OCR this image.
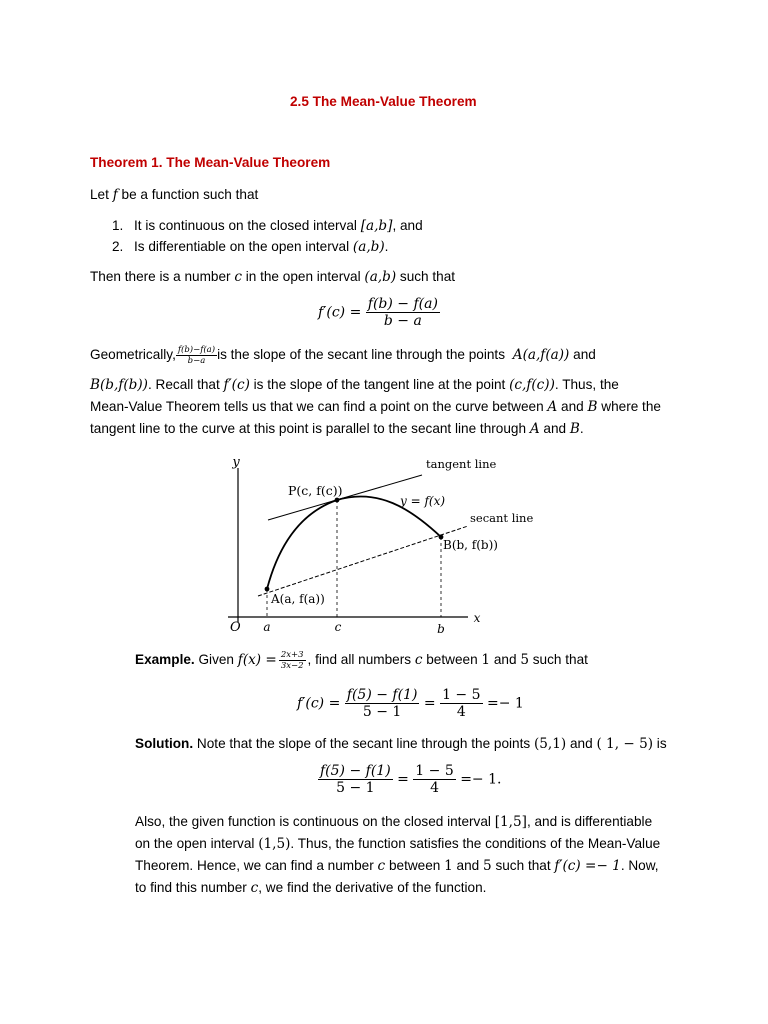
2.5 The Mean-Value Theorem
Theorem 1. The Mean-Value Theorem
Let f be a function such that
1. It is continuous on the closed interval [a,b], and
2. Is differentiable on the open interval (a,b).
Then there is a number c in the open interval (a,b) such that
$f'(c) = \frac{f(b) - f(a)}{b - a}$
Geometrically, $\frac{f(b)-f(a)}{b-a}$ is the slope of the secant line through the points A(a,f(a)) and
B(b,f(b)). Recall that f′(c) is the slope of the tangent line at the point (c,f(c)). Thus, the
Mean-Value Theorem tells us that we can find a point on the curve between A and B where the
tangent line to the curve at this point is parallel to the secant line through A and B.
y
x
O a	c	b
tangent line
secant line
P(c, f(c))
y = f(x)
A(a, f(a))
B(b, f(b))
Example. Given $f(x) = \frac{2x+3}{3x-2}$ , find all numbers c between 1 and 5 such that
$f'(c) = \frac{f(5) - f(1)}{5 - 1} = \frac{1 - 5}{4} =- 1$
Solution. Note that the slope of the secant line through the points (5,1) and ( 1, − 5) is
$\frac{f(5) - f(1)}{5 - 1} = \frac{1 - 5}{4} =- 1$.
Also, the given function is continuous on the closed interval [1,5], and is differentiable
on the open interval (1,5). Thus, the function satisfies the conditions of the Mean-Value
Theorem. Hence, we can find a number c between 1 and 5 such that f′(c) =− 1. Now,
to find this number c, we find the derivative of the function.
